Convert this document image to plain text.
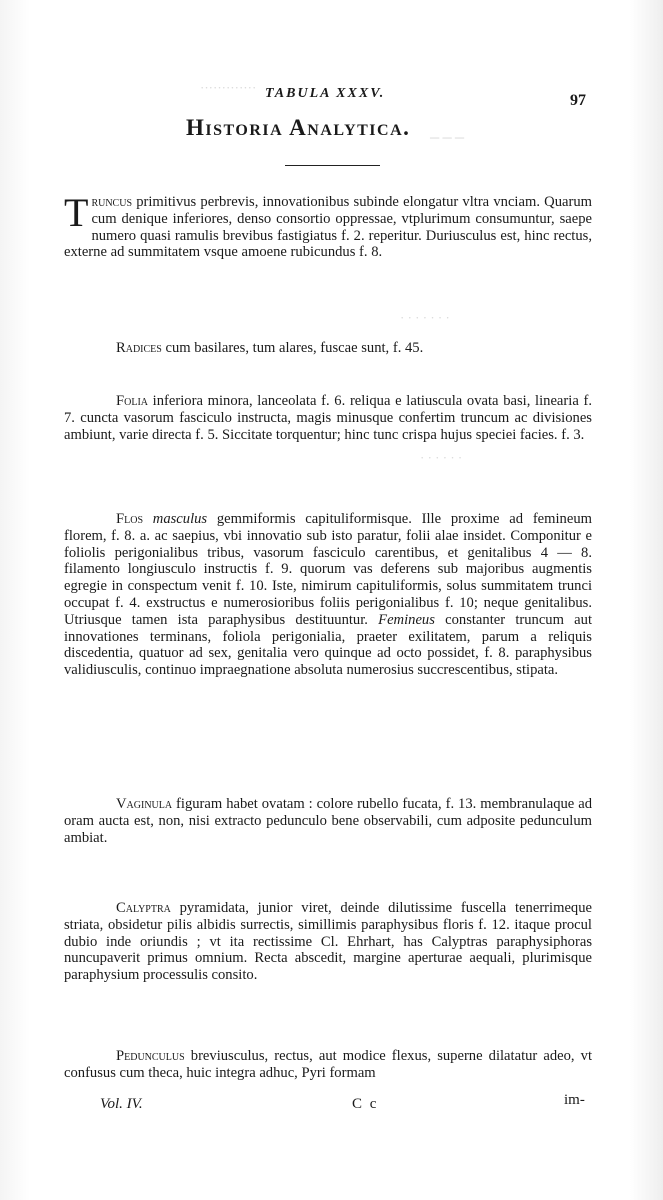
·············
─ ─ ─
· · · · · · ·
· · · · · ·
TABULA XXXV.	97
Historia Analytica.
Truncus primitivus perbrevis, innovationibus subinde elongatur vltra vnciam. Quarum cum denique inferiores, denso consortio oppressae, vtplurimum consumuntur, saepe numero quasi ramulis brevibus fastigiatus f. 2. reperitur. Duriusculus est, hinc rectus, externe ad summitatem vsque amoene rubicundus f. 8.
Radices cum basilares, tum alares, fuscae sunt, f. 45.
Folia inferiora minora, lanceolata f. 6. reliqua e latiuscula ovata basi, linearia f. 7. cuncta vasorum fasciculo instructa, magis minusque confertim truncum ac divisiones ambiunt, varie directa f. 5. Siccitate torquentur; hinc tunc crispa hujus speciei facies. f. 3.
Flos masculus gemmiformis capituliformisque. Ille proxime ad femineum florem, f. 8. a. ac saepius, vbi innovatio sub isto paratur, folii alae insidet. Componitur e foliolis perigonialibus tribus, vasorum fasciculo carentibus, et genitalibus 4 — 8. filamento longiusculo instructis f. 9. quorum vas deferens sub majoribus augmentis egregie in conspectum venit f. 10. Iste, nimirum capituliformis, solus summitatem trunci occupat f. 4. exstructus e numerosioribus foliis perigonialibus f. 10; neque genitalibus. Utriusque tamen ista paraphysibus destituuntur. Femineus constanter truncum aut innovationes terminans, foliola perigonialia, praeter exilitatem, parum a reliquis discedentia, quatuor ad sex, genitalia vero quinque ad octo possidet, f. 8. paraphysibus validiusculis, continuo impraegnatione absoluta numerosius succrescentibus, stipata.
Vaginula figuram habet ovatam : colore rubello fucata, f. 13. membranulaque ad oram aucta est, non, nisi extracto pedunculo bene observabili, cum adposite pedunculum ambiat.
Calyptra pyramidata, junior viret, deinde dilutissime fuscella tenerrimeque striata, obsidetur pilis albidis surrectis, simillimis paraphysibus floris f. 12. itaque procul dubio inde oriundis ; vt ita rectissime Cl. Ehrhart, has Calyptras paraphysiphoras nuncupaverit primus omnium. Recta abscedit, margine aperturae aequali, plurimisque paraphysium processulis consito.
Pedunculus breviusculus, rectus, aut modice flexus, superne dilatatur adeo, vt confusus cum theca, huic integra adhuc, Pyri formam
Vol. IV.	C c	im-
